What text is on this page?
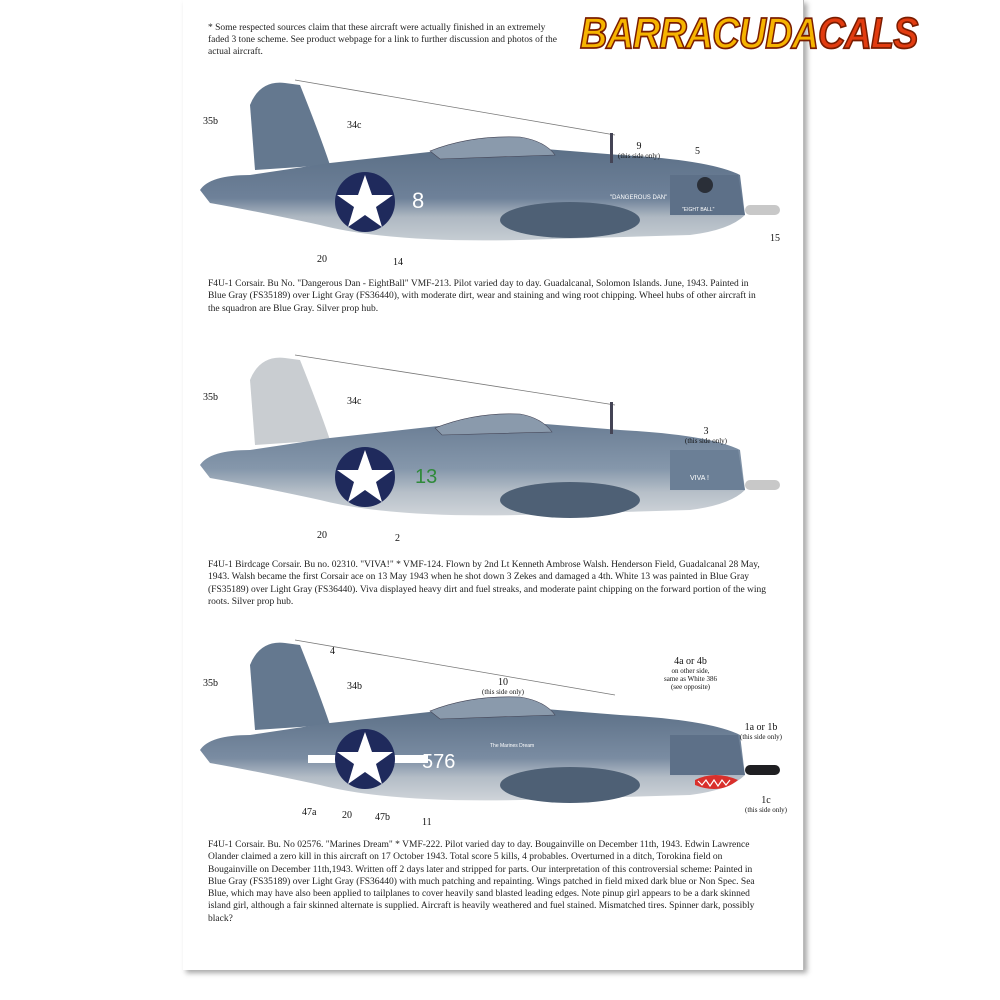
* Some respected sources claim that these aircraft were actually finished in an extremely faded 3 tone scheme. See product webpage for a link to further discussion and photos of the actual aircraft.	BARRACUDACALS
8	"DANGEROUS DAN"
"EIGHT BALL"
35b	34c
9
(this side only)	5
20	14
15
F4U-1 Corsair. Bu No. "Dangerous Dan - EightBall" VMF-213. Pilot varied day to day. Guadalcanal, Solomon Islands. June, 1943. Painted in Blue Gray (FS35189) over Light Gray (FS36440), with moderate dirt, wear and staining and wing root chipping. Wheel hubs of other aircraft in the squadron are Blue Gray. Silver prop hub.
13	VIVA !
35b	34c
3
(this side only)
20	2
F4U-1 Birdcage Corsair. Bu no. 02310. "VIVA!" * VMF-124. Flown by 2nd Lt Kenneth Ambrose Walsh. Henderson Field, Guadalcanal 28 May, 1943. Walsh became the first Corsair ace on 13 May 1943 when he shot down 3 Zekes and damaged a 4th. White 13 was painted in Blue Gray (FS35189) over Light Gray (FS36440). Viva displayed heavy dirt and fuel streaks, and moderate paint chipping on the forward portion of the wing roots. Silver prop hub.
576
The Marines Dream
4
35b	34b	10
(this side only)
4a or 4b
on other side,
same as White 386
(see opposite)
1a or 1b
(this side only)
1c
(this side only)
47a	20 47b	11
F4U-1 Corsair. Bu. No 02576. "Marines Dream" * VMF-222. Pilot varied day to day. Bougainville on December 11th, 1943. Edwin Lawrence Olander claimed a zero kill in this aircraft on 17 October 1943. Total score 5 kills, 4 probables. Overturned in a ditch, Torokina field on Bougainville on December 11th,1943. Written off 2 days later and stripped for parts. Our interpretation of this controversial scheme: Painted in Blue Gray (FS35189) over Light Gray (FS36440) with much patching and repainting. Wings patched in field mixed dark blue or Non Spec. Sea Blue, which may have also been applied to tailplanes to cover heavily sand blasted leading edges. Note pinup girl appears to be a dark skinned island girl, although a fair skinned alternate is supplied. Aircraft is heavily weathered and fuel stained. Mismatched tires. Spinner dark, possibly black?
